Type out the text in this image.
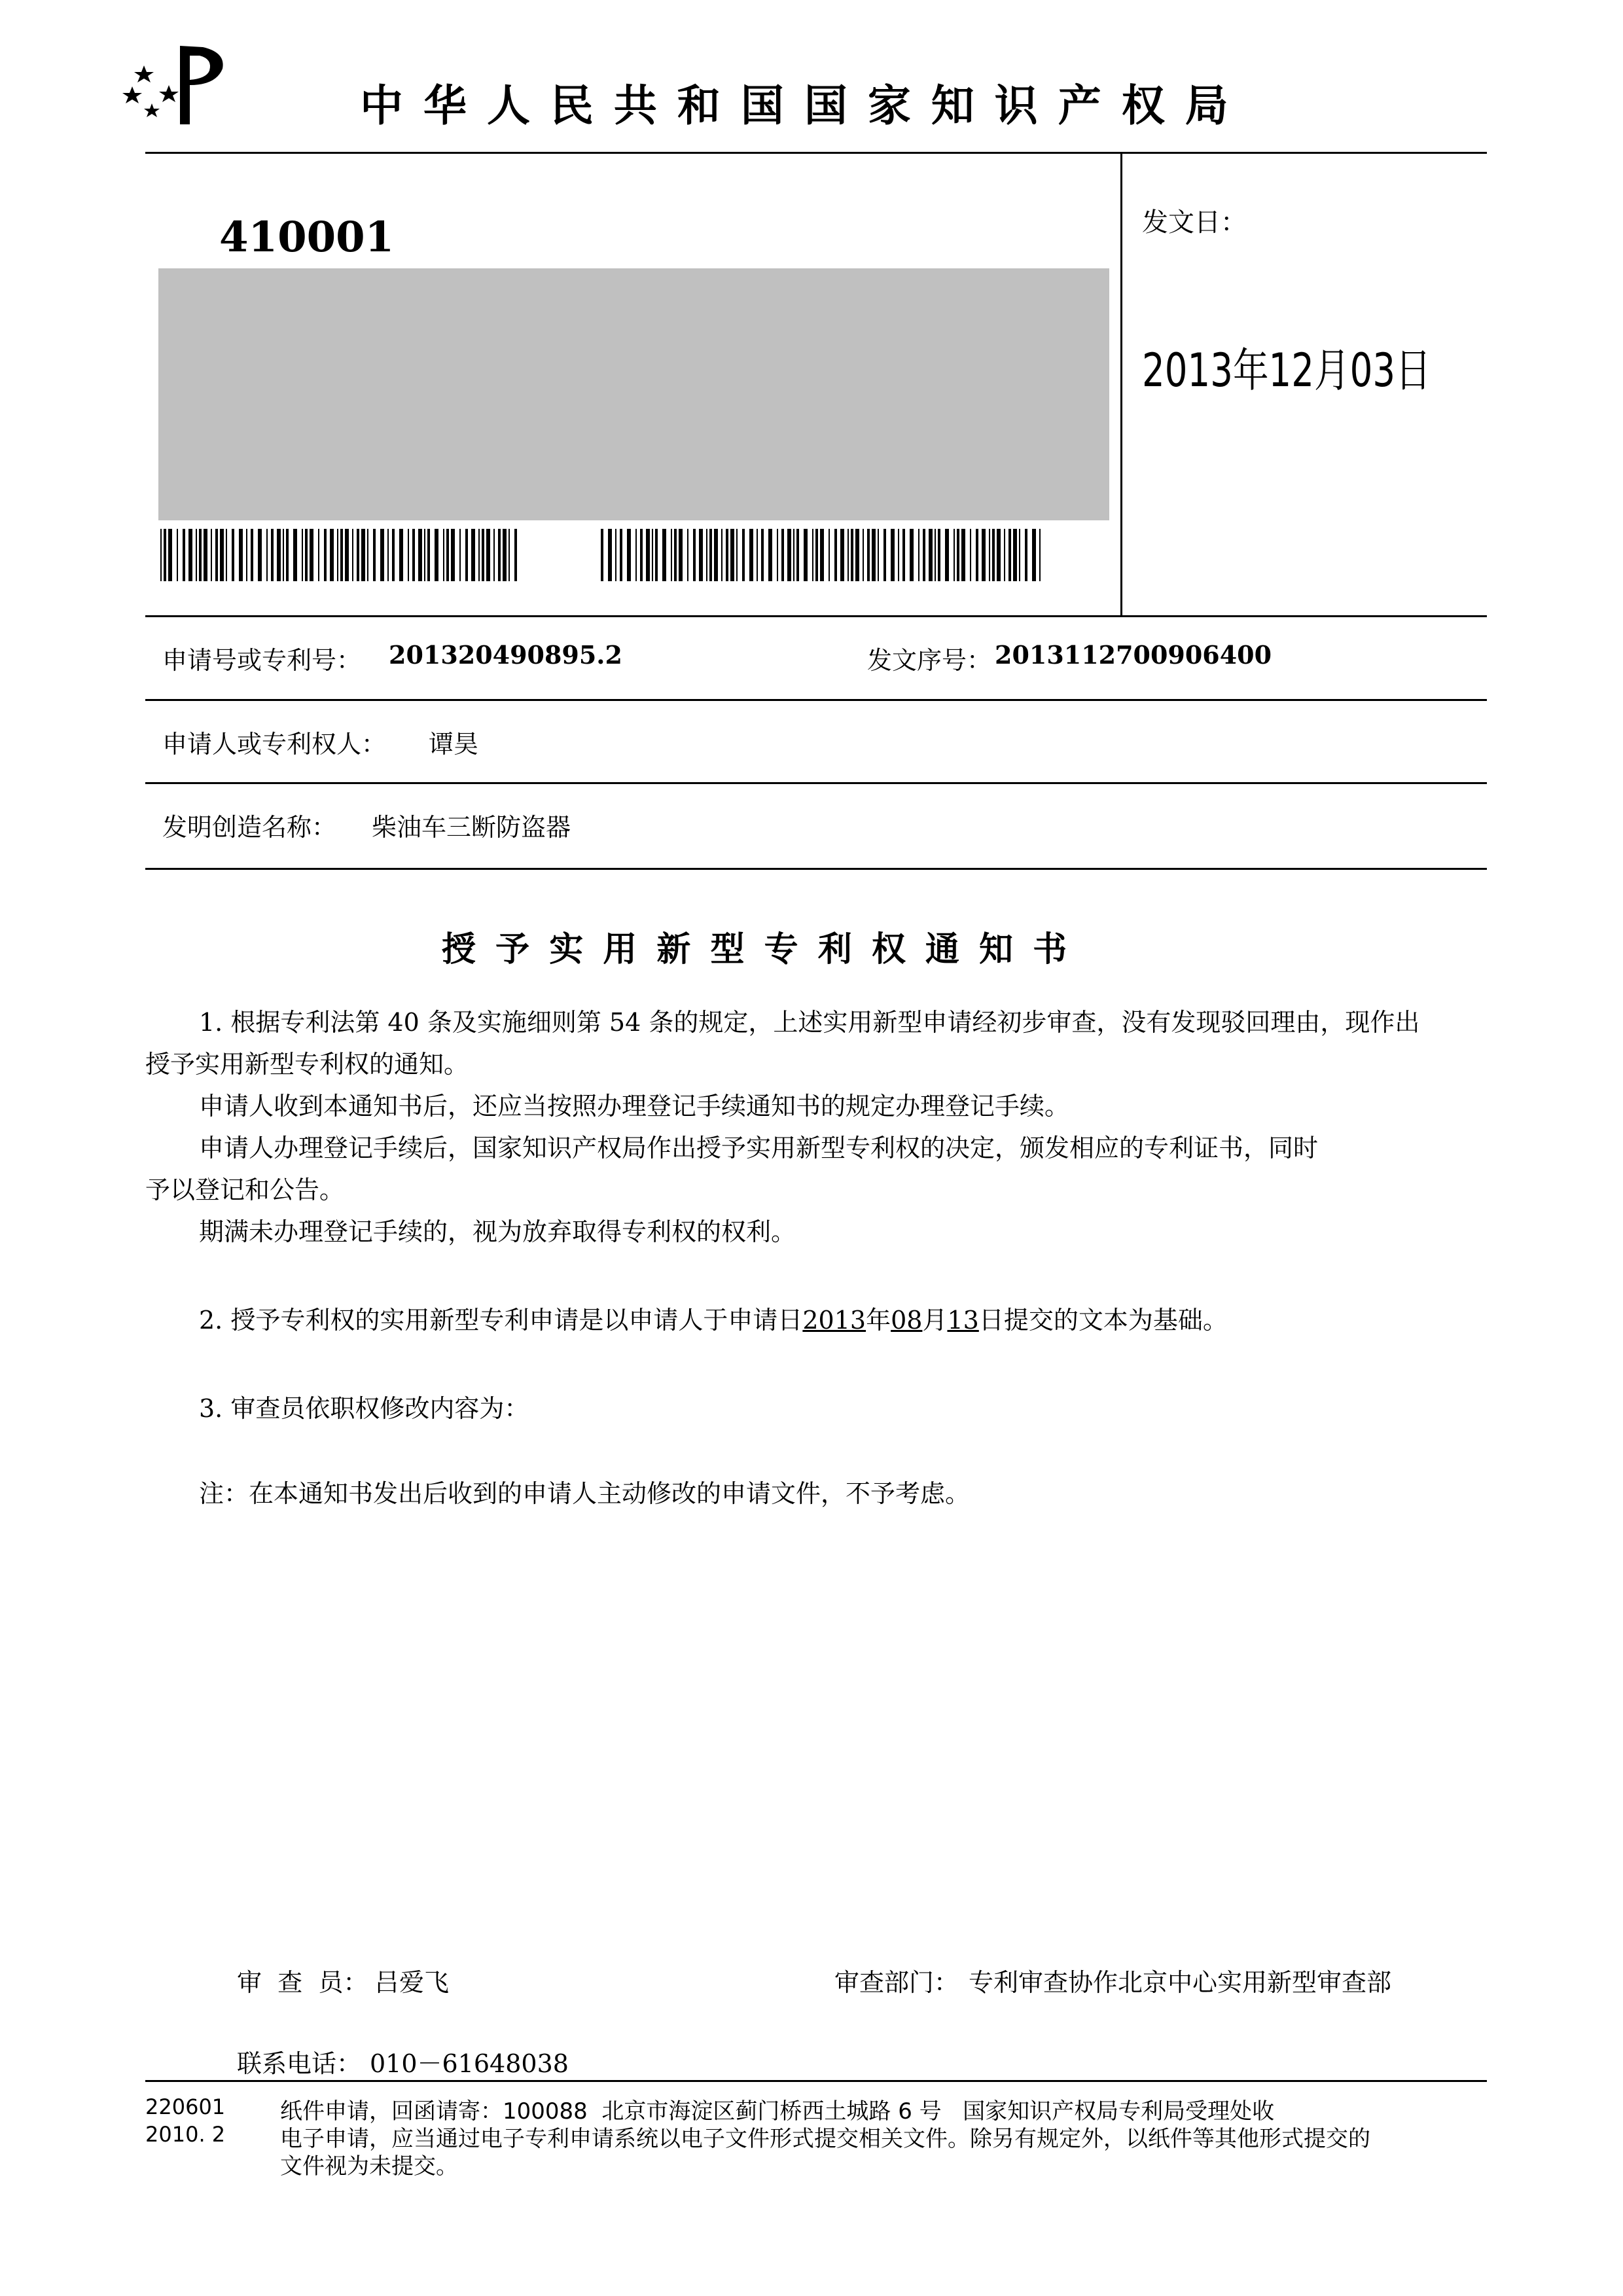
中 华 人 民 共 和 国 国 家 知 识 产 权 局
410001	发文日：
2013年12月03日
申请号或专利号： 201320490895.2	发文序号： 2013112700906400
申请人或专利权人： 谭昊
发明创造名称： 柴油车三断防盗器
授 予 实 用 新 型 专 利 权 通 知 书
1. 根据专利法第 40 条及实施细则第 54 条的规定，上述实用新型申请经初步审查，没有发现驳回理由，现作出
授予实用新型专利权的通知。
申请人收到本通知书后，还应当按照办理登记手续通知书的规定办理登记手续。
申请人办理登记手续后，国家知识产权局作出授予实用新型专利权的决定，颁发相应的专利证书，同时
予以登记和公告。
期满未办理登记手续的，视为放弃取得专利权的权利。
2. 授予专利权的实用新型专利申请是以申请人于申请日2013年08月13日提交的文本为基础。
3. 审查员依职权修改内容为：
注：在本通知书发出后收到的申请人主动修改的申请文件，不予考虑。
审  查  员： 吕爱飞	审查部门： 专利审查协作北京中心实用新型审查部
联系电话： 010－61648038
220601
2010. 2
纸件申请，回函请寄：100088  北京市海淀区蓟门桥西土城路 6 号   国家知识产权局专利局受理处收
电子申请，应当通过电子专利申请系统以电子文件形式提交相关文件。除另有规定外，以纸件等其他形式提交的
文件视为未提交。
